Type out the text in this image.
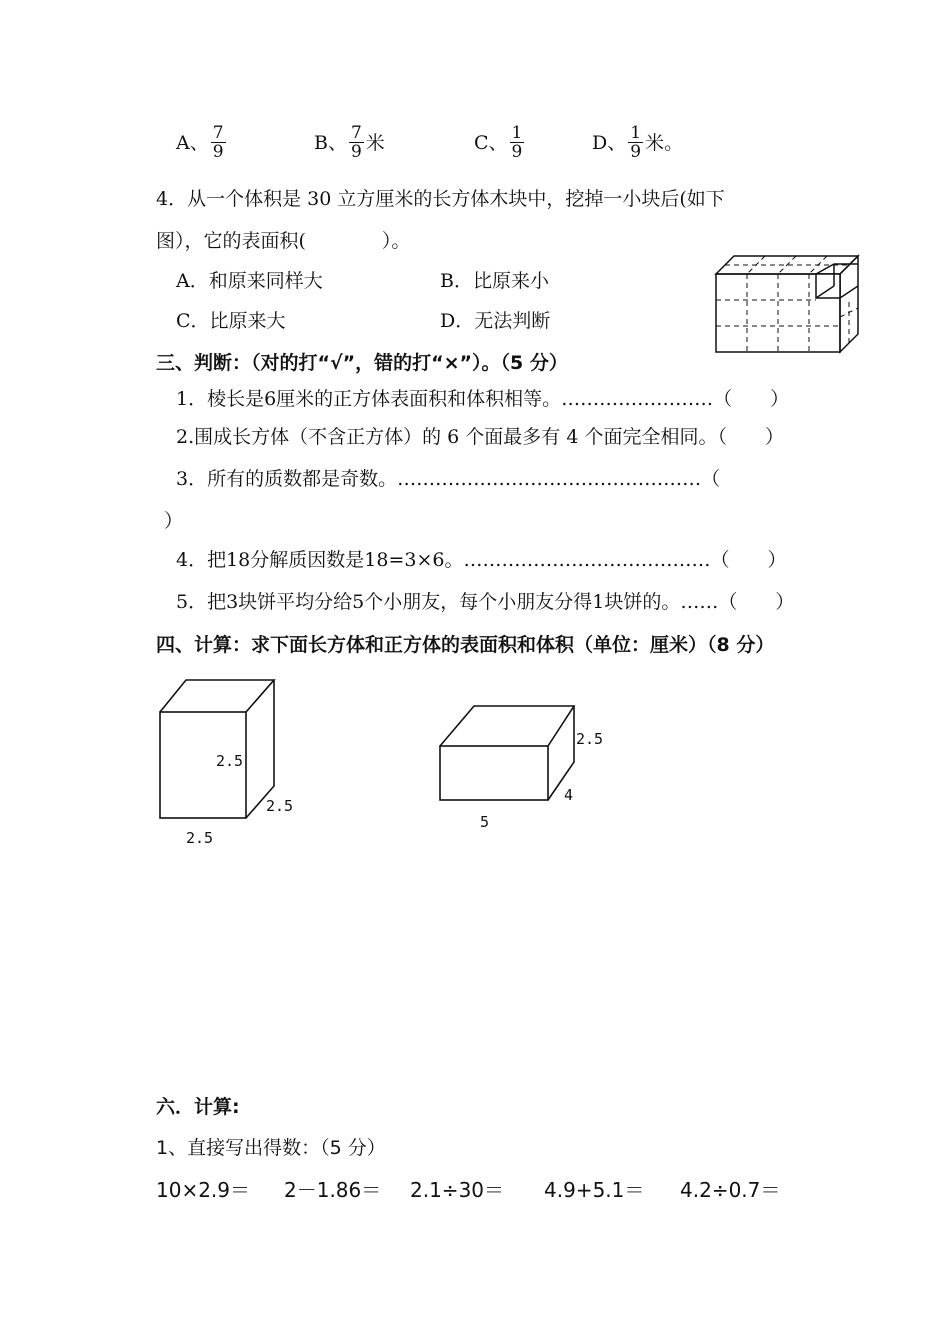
A、 $\frac{7}{9}$	B、 $\frac{7}{9}$ 米	C、 $\frac{1}{9}$	D、 $\frac{1}{9}$ 米。
4．从一个体积是 30 立方厘米的长方体木块中，挖掉一小块后(如下
图），它的表面积(　　　　）。
A．和原来同样大	B．比原来小
C．比原来大	D．无法判断
三、判断：（对的打“√”，错的打“×”）。（5 分）
1．棱长是6厘米的正方体表面积和体积相等。……………………（　　）
2.围成长方体（不含正方体）的 6 个面最多有 4 个面完全相同。（　　）
3．所有的质数都是奇数。…………………………………………（
）
4．把18分解质因数是18=3×6。…………………………………（　　）
5．把3块饼平均分给5个小朋友，每个小朋友分得1块饼的。……（　　）
四、计算：求下面长方体和正方体的表面积和体积（单位：厘米）（8 分）
2.5
2.5
2.5
2.5
4
5
六．计算:
1、直接写出得数：（5 分）
10×2.9＝ 2－1.86＝ 2.1÷30＝ 4.9+5.1＝ 4.2÷0.7＝
